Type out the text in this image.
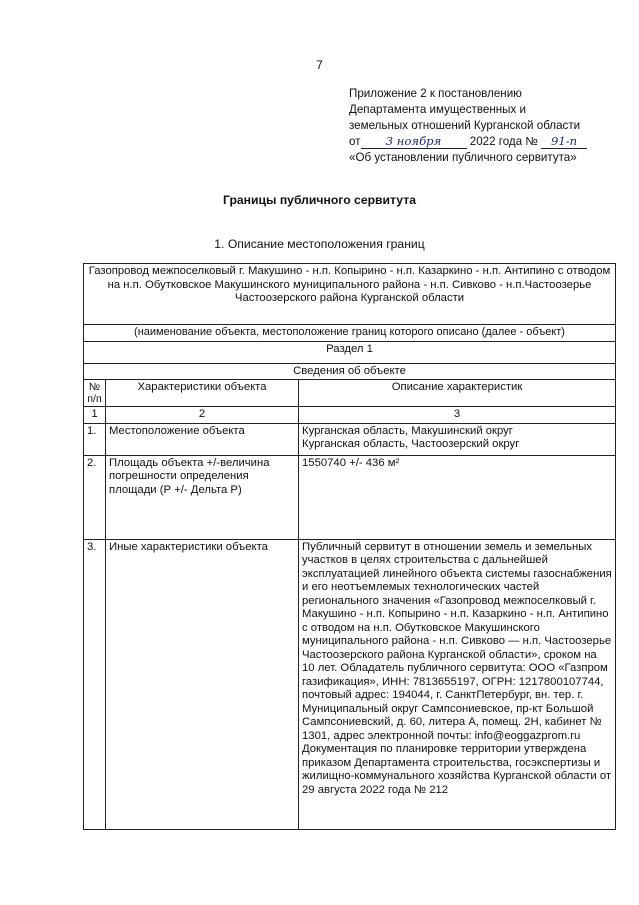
7
Приложение 2 к постановлению
Департамента имущественных и
земельных отношений Курганской области
от 3 ноября 2022 года № 91-п
«Об установлении публичного сервитута»
Границы публичного сервитута
1. Описание местоположения границ
Газопровод межпоселковый г. Макушино - н.п. Копырино - н.п. Казаркино - н.п. Антипино с отводом на н.п. Обутковское Макушинского муниципального района - н.п. Сивково - н.п.Частоозерье Частоозерского района Курганской области		
(наименование объекта, местоположение границ которого описано (далее - объект)		
Раздел 1		
Сведения об объекте		
№ п/п	Характеристики объекта	Описание характеристик
1	2	3
1.	Местоположение объекта	Курганская область, Макушинский округ
Курганская область, Частоозерский округ

2.	Площадь объекта +/-величина погрешности определения площади (Р +/- Дельта Р)	1550740 +/- 436 м²
3.	Иные характеристики объекта	Публичный сервитут в отношении земель и земельных участков в целях строительства с дальнейшей эксплуатацией линейного объекта системы газоснабжения и его неотъемлемых технологических частей регионального значения «Газопровод межпоселковый г. Макушино - н.п. Копырино - н.п. Казаркино - н.п. Антипино с отводом на н.п. Обутковское Макушинского муниципального района - н.п. Сивково — н.п. Частоозерье Частоозерского района Курганской области», сроком на 10 лет. Обладатель публичного сервитута: ООО «Газпром газификация», ИНН: 7813655197, ОГРН: 1217800107744, почтовый адрес: 194044, г. СанктПетербург, вн. тер. г. Муниципальный округ Сампсониевское, пр-кт Большой Сампсониевский, д. 60, литера А, помещ. 2Н, кабинет № 1301, адрес электронной почты: info@eoggazprom.ru Документация по планировке территории утверждена приказом Департамента строительства, госэкспертизы и жилищно-коммунального хозяйства Курганской области от 29 августа 2022 года № 212
